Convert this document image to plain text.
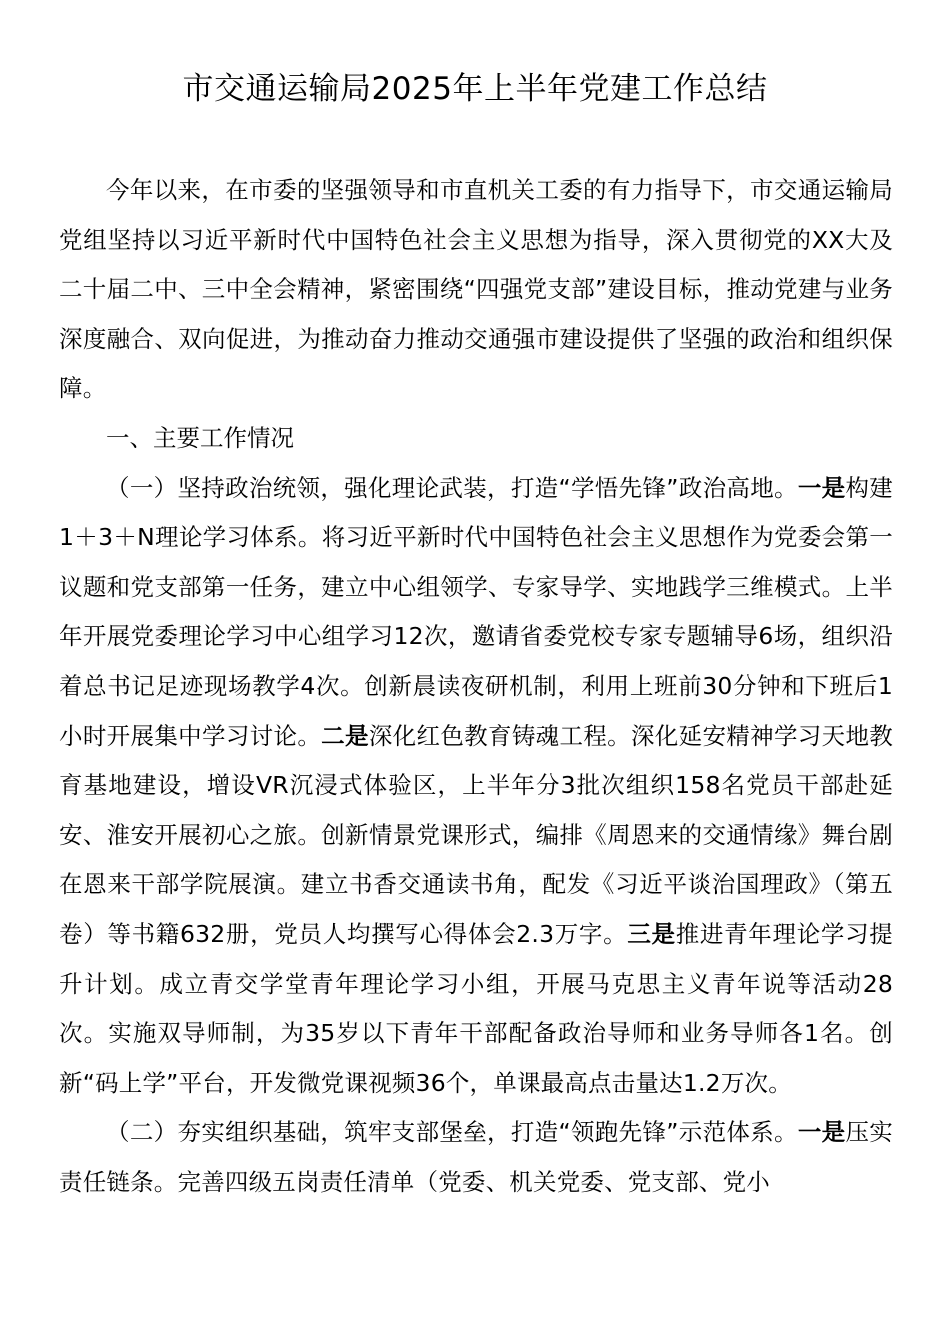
市交通运输局2025年上半年党建工作总结

今年以来，在市委的坚强领导和市直机关工委的有力指导下，市交通运输局党组坚持以习近平新时代中国特色社会主义思想为指导，深入贯彻党的XX大及二十届二中、三中全会精神，紧密围绕“四强党支部”建设目标，推动党建与业务深度融合、双向促进，为推动奋力推动交通强市建设提供了坚强的政治和组织保障。

一、主要工作情况

（一）坚持政治统领，强化理论武装，打造“学悟先锋”政治高地。一是构建1＋3＋N理论学习体系。将习近平新时代中国特色社会主义思想作为党委会第一议题和党支部第一任务，建立中心组领学、专家导学、实地践学三维模式。上半年开展党委理论学习中心组学习12次，邀请省委党校专家专题辅导6场，组织沿着总书记足迹现场教学4次。创新晨读夜研机制，利用上班前30分钟和下班后1小时开展集中学习讨论。二是深化红色教育铸魂工程。深化延安精神学习天地教育基地建设，增设VR沉浸式体验区，上半年分3批次组织158名党员干部赴延安、淮安开展初心之旅。创新情景党课形式，编排《周恩来的交通情缘》舞台剧在恩来干部学院展演。建立书香交通读书角，配发《习近平谈治国理政》（第五卷）等书籍632册，党员人均撰写心得体会2.3万字。三是推进青年理论学习提升计划。成立青交学堂青年理论学习小组，开展马克思主义青年说等活动28次。实施双导师制，为35岁以下青年干部配备政治导师和业务导师各1名。创新“码上学”平台，开发微党课视频36个，单课最高点击量达1.2万次。

（二）夯实组织基础，筑牢支部堡垒，打造“领跑先锋”示范体系。一是压实责任链条。完善四级五岗责任清单（党委、机关党委、党支部、党小
